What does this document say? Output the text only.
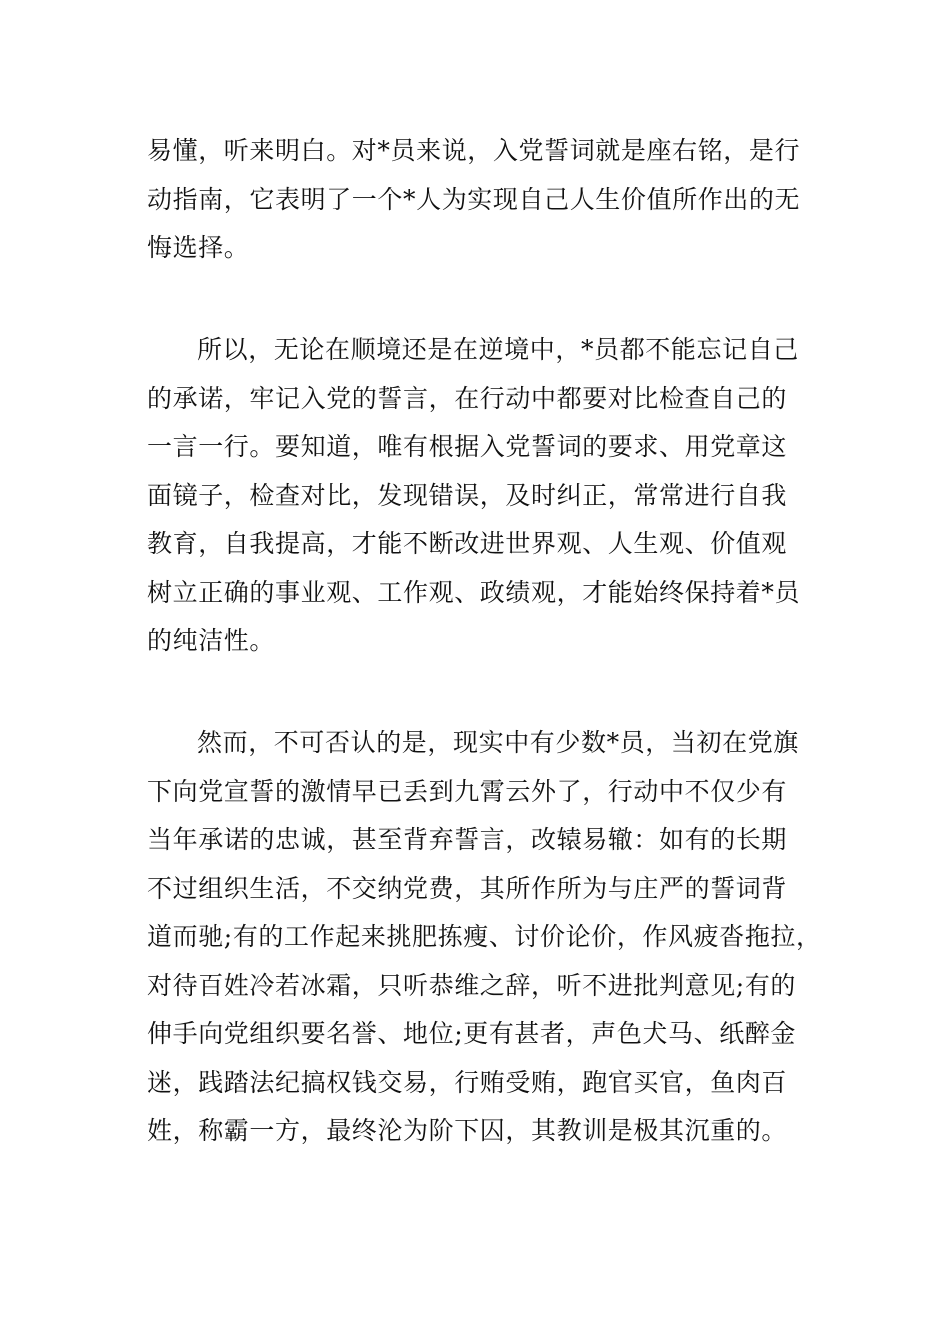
易懂，听来明白。对*员来说，入党誓词就是座右铭，是行
动指南，它表明了一个*人为实现自己人生价值所作出的无
悔选择。

所以，无论在顺境还是在逆境中，*员都不能忘记自己
的承诺，牢记入党的誓言，在行动中都要对比检查自己的
一言一行。要知道，唯有根据入党誓词的要求、用党章这
面镜子，检查对比，发现错误，及时纠正，常常进行自我
教育，自我提高，才能不断改进世界观、人生观、价值观
树立正确的事业观、工作观、政绩观，才能始终保持着*员
的纯洁性。

然而，不可否认的是，现实中有少数*员，当初在党旗
下向党宣誓的激情早已丢到九霄云外了，行动中不仅少有
当年承诺的忠诚，甚至背弃誓言，改辕易辙：如有的长期
不过组织生活，不交纳党费，其所作所为与庄严的誓词背
道而驰;有的工作起来挑肥拣瘦、讨价论价，作风疲沓拖拉，
对待百姓冷若冰霜，只听恭维之辞，听不进批判意见;有的
伸手向党组织要名誉、地位;更有甚者，声色犬马、纸醉金
迷，践踏法纪搞权钱交易，行贿受贿，跑官买官，鱼肉百
姓，称霸一方，最终沦为阶下囚，其教训是极其沉重的。
